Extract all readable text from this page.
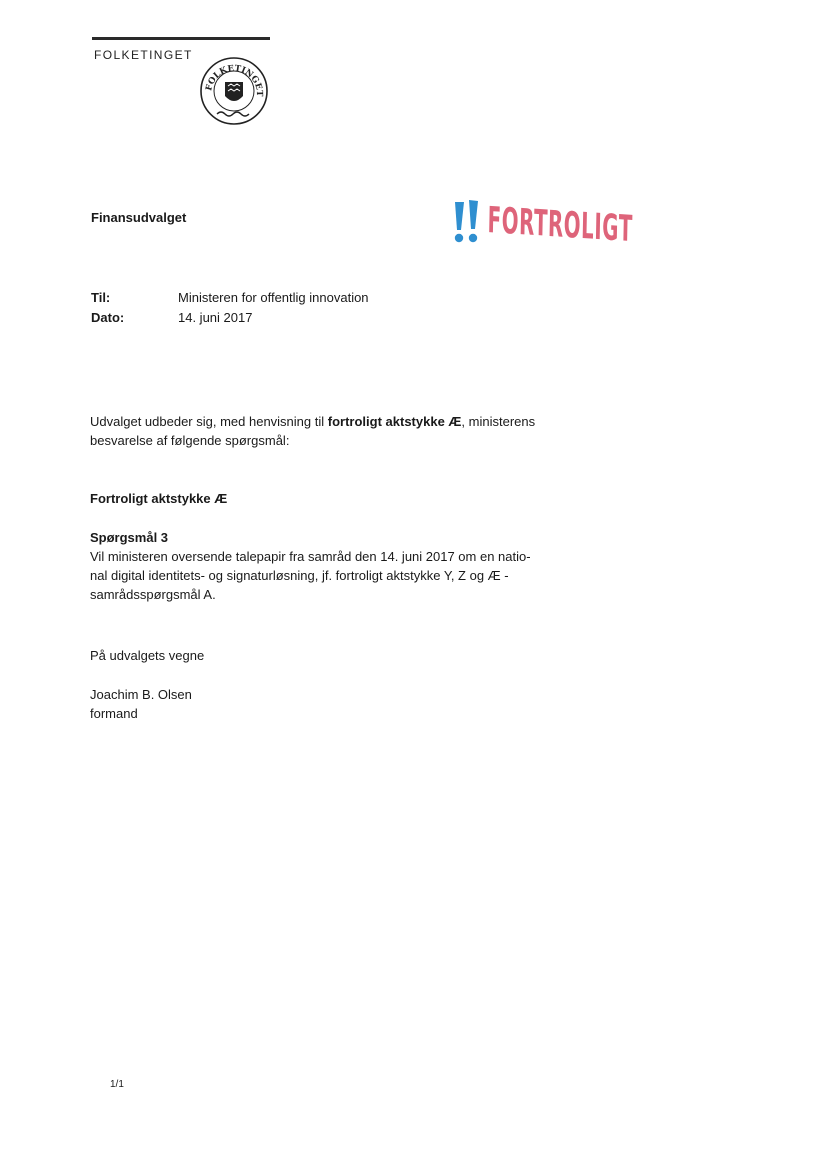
FOLKETINGET
FOLKETINGET
Finansudvalget	FORTROLIGT
Til:	Ministeren for offentlig innovation
Dato:	14. juni 2017
Udvalget udbeder sig, med henvisning til fortroligt aktstykke Æ, ministerens
besvarelse af følgende spørgsmål:
Fortroligt aktstykke Æ
Spørgsmål 3
Vil ministeren oversende talepapir fra samråd den 14. juni 2017 om en natio-
nal digital identitets- og signaturløsning, jf. fortroligt aktstykke Y, Z og Æ -
samrådsspørgsmål A.
På udvalgets vegne
Joachim B. Olsen
formand
1/1
